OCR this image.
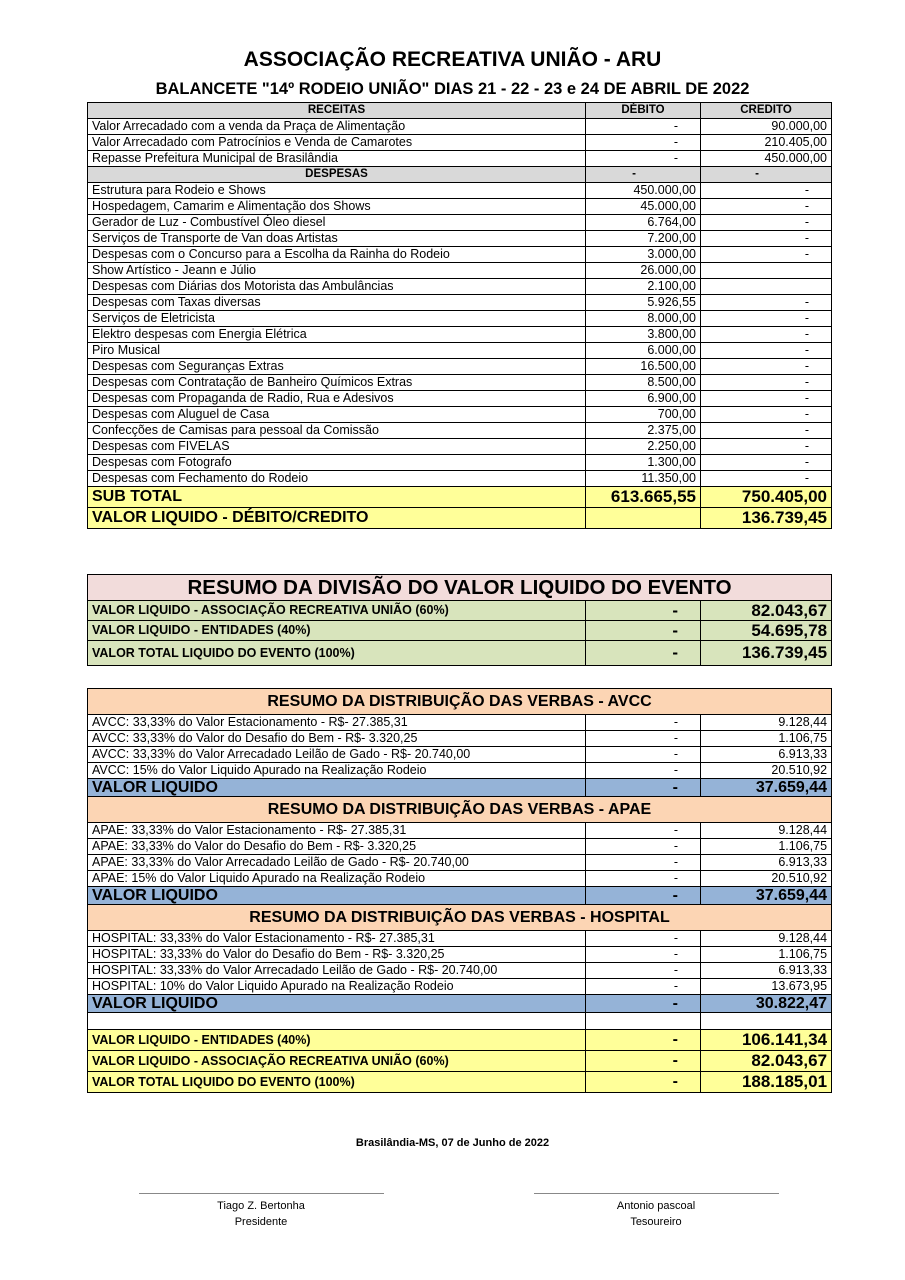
ASSOCIAÇÃO RECREATIVA UNIÃO - ARU
BALANCETE "14º RODEIO UNIÃO" DIAS 21 - 22 - 23 e 24 DE ABRIL DE 2022
RECEITAS	DÉBITO	CREDITO
Valor Arrecadado com a venda da Praça de Alimentação	-	90.000,00
Valor Arrecadado com Patrocínios e Venda de Camarotes	-	210.405,00
Repasse Prefeitura Municipal de Brasilândia	-	450.000,00
DESPESAS	-	-
Estrutura para Rodeio e Shows	450.000,00	-
Hospedagem, Camarim e Alimentação dos Shows	45.000,00	-
Gerador de Luz - Combustível Óleo diesel	6.764,00	-
Serviços de Transporte de Van doas Artistas	7.200,00	-
Despesas com o Concurso para a Escolha da Rainha do Rodeio	3.000,00	-
Show Artístico - Jeann e Júlio	26.000,00	
Despesas com Diárias dos Motorista das Ambulâncias	2.100,00	
Despesas com Taxas diversas	5.926,55	-
Serviços de Eletricista	8.000,00	-
Elektro despesas com Energia Elétrica	3.800,00	-
Piro Musical	6.000,00	-
Despesas com Seguranças Extras	16.500,00	-
Despesas com Contratação de Banheiro Químicos Extras	8.500,00	-
Despesas com Propaganda de Radio, Rua e Adesivos	6.900,00	-
Despesas com Aluguel de Casa	700,00	-
Confecções de Camisas para pessoal da Comissão	2.375,00	-
Despesas com FIVELAS	2.250,00	-
Despesas com Fotografo	1.300,00	-
Despesas com Fechamento do Rodeio	11.350,00	-
SUB TOTAL	613.665,55	750.405,00
VALOR LIQUIDO - DÉBITO/CREDITO		136.739,45
RESUMO DA DIVISÃO DO VALOR LIQUIDO DO EVENTO		
VALOR LIQUIDO - ASSOCIAÇÃO RECREATIVA UNIÃO (60%)	-	82.043,67
VALOR LIQUIDO - ENTIDADES (40%)	-	54.695,78
VALOR TOTAL LIQUIDO DO EVENTO (100%)	-	136.739,45
RESUMO DA DISTRIBUIÇÃO DAS VERBAS - AVCC		
AVCC: 33,33% do Valor Estacionamento - R$- 27.385,31	-	9.128,44
AVCC: 33,33% do Valor do Desafio do Bem - R$- 3.320,25	-	1.106,75
AVCC: 33,33% do Valor Arrecadado Leilão de Gado - R$- 20.740,00	-	6.913,33
AVCC: 15% do Valor Liquido Apurado na Realização Rodeio	-	20.510,92
VALOR LIQUIDO	-	37.659,44
RESUMO DA DISTRIBUIÇÃO DAS VERBAS - APAE		
APAE: 33,33% do Valor Estacionamento - R$- 27.385,31	-	9.128,44
APAE: 33,33% do Valor do Desafio do Bem - R$- 3.320,25	-	1.106,75
APAE: 33,33% do Valor Arrecadado Leilão de Gado - R$- 20.740,00	-	6.913,33
APAE: 15% do Valor Liquido Apurado na Realização Rodeio	-	20.510,92
VALOR LIQUIDO	-	37.659,44
RESUMO DA DISTRIBUIÇÃO DAS VERBAS - HOSPITAL		
HOSPITAL: 33,33% do Valor Estacionamento - R$- 27.385,31	-	9.128,44
HOSPITAL: 33,33% do Valor do Desafio do Bem - R$- 3.320,25	-	1.106,75
HOSPITAL: 33,33% do Valor Arrecadado Leilão de Gado - R$- 20.740,00	-	6.913,33
HOSPITAL: 10% do Valor Liquido Apurado na Realização Rodeio	-	13.673,95
VALOR LIQUIDO	-	30.822,47

VALOR LIQUIDO - ENTIDADES (40%)	-	106.141,34
VALOR LIQUIDO - ASSOCIAÇÃO RECREATIVA UNIÃO (60%)	-	82.043,67
VALOR TOTAL LIQUIDO DO EVENTO (100%)	-	188.185,01
Brasilândia-MS, 07 de Junho de 2022
Tiago Z. Bertonha
Presidente
Antonio pascoal
Tesoureiro
